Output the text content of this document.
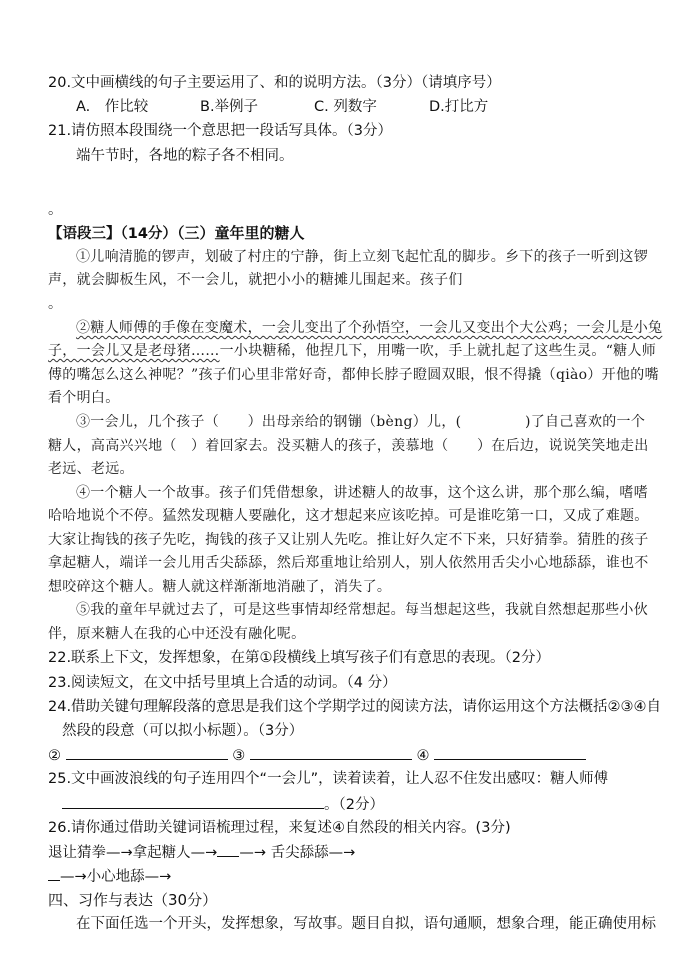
20.文中画横线的句子主要运用了、和的说明方法。（3分）（请填序号）
A.　作比较	B.举例子	C. 列数字	D.打比方
21.请仿照本段围绕一个意思把一段话写具体。（3分）
端午节时，各地的粽子各不相同。
。
【语段三】（14分）（三）童年里的糖人
①儿响清脆的锣声，划破了村庄的宁静，街上立刻飞起忙乱的脚步。乡下的孩子一听到这锣
声，就会脚板生风，不一会儿，就把小小的糖摊儿围起来。孩子们
。
②糖人师傅的手像在变魔术，一会儿变出了个孙悟空，一会儿又变出个大公鸡；一会儿是小兔
子，一会儿又是老母猪……一小块糖稀，他捏几下，用嘴一吹，手上就扎起了这些生灵。“糖人师
傅的嘴怎么这么神呢？”孩子们心里非常好奇，都伸长脖子瞪圆双眼，恨不得撬（qiào）开他的嘴
看个明白。
③一会儿，几个孩子（　　）出母亲给的钢镚（bèng）儿，(	)了自己喜欢的一个
糖人，高高兴兴地（　）着回家去。没买糖人的孩子，羡慕地（　　）在后边，说说笑笑地走出
老远、老远。
④一个糖人一个故事。孩子们凭借想象，讲述糖人的故事，这个这么讲，那个那么编，嗜嗜
哈哈地说个不停。猛然发现糖人要融化，这才想起来应该吃掉。可是谁吃第一口，又成了难题。
大家让掏钱的孩子先吃，掏钱的孩子又让别人先吃。推让好久定不下来，只好猜拳。猜胜的孩子
拿起糖人，端详一会儿用舌尖舔舔，然后郑重地让给别人，别人依然用舌尖小心地舔舔，谁也不
想咬碎这个糖人。糖人就这样渐渐地消融了，消失了。
⑤我的童年早就过去了，可是这些事情却经常想起。每当想起这些，我就自然想起那些小伙
伴，原来糖人在我的心中还没有融化呢。
22.联系上下文，发挥想象，在第①段横线上填写孩子们有意思的表现。（2分）
23.阅读短文，在文中括号里填上合适的动词。（4 分）
24.借助关键句理解段落的意思是我们这个学期学过的阅读方法，请你运用这个方法概括②③④自
然段的段意（可以拟小标题）。（3分）
②	③	④
25.文中画波浪线的句子连用四个“一会儿”，读着读着，让人忍不住发出感叹：糖人师傅
。（2分）
26.请你通过借助关键词语梳理过程，来复述④自然段的相关内容。(3分)
退让猜拳—→拿起糖人—→ —→ 舌尖舔舔—→
—→小心地舔—→
四、习作与表达（30分）
在下面任选一个开头，发挥想象，写故事。题目自拟，语句通顺，想象合理，能正确使用标
